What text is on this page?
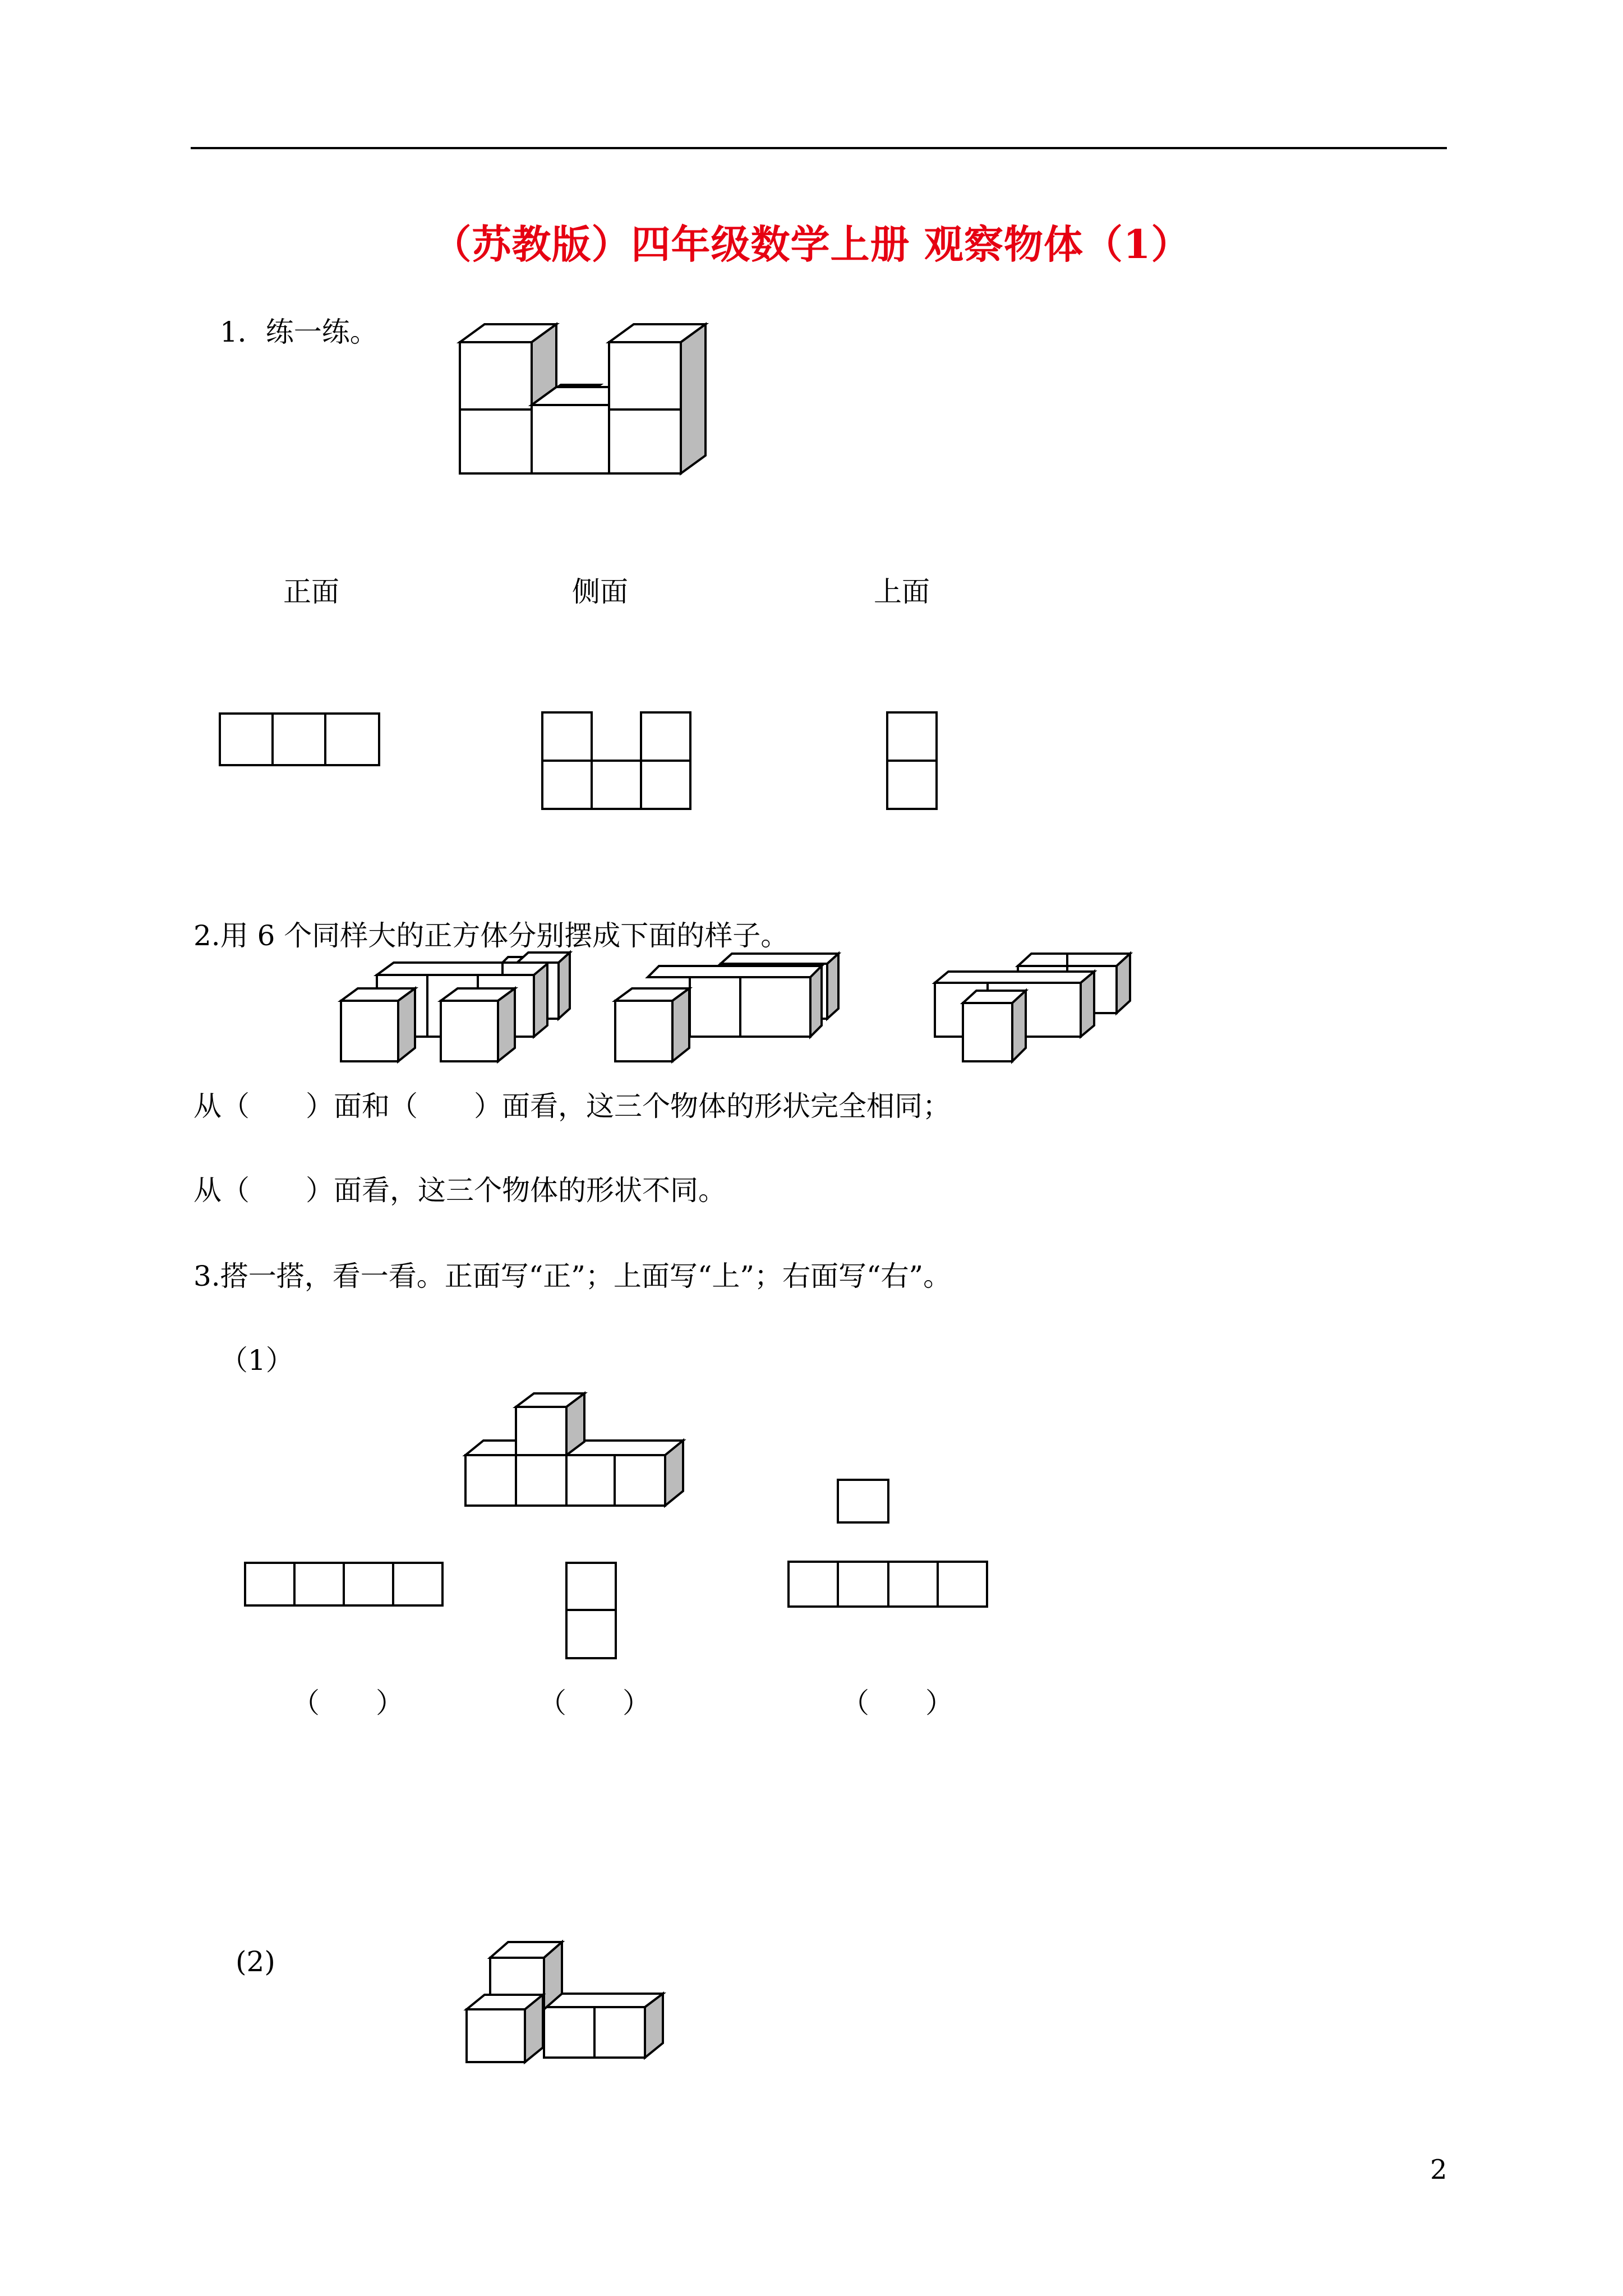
（苏教版）四年级数学上册 观察物体（1）
1．练一练。
正面	侧面	上面
2.用 6 个同样大的正方体分别摆成下面的样子。
从（　　）面和（　　）面看，这三个物体的形状完全相同；
从（　　）面看，这三个物体的形状不同。
3.搭一搭，看一看。正面写“正”；上面写“上”；右面写“右”。
（1）
（　　）	（　　）	（　　）
(2)
2
